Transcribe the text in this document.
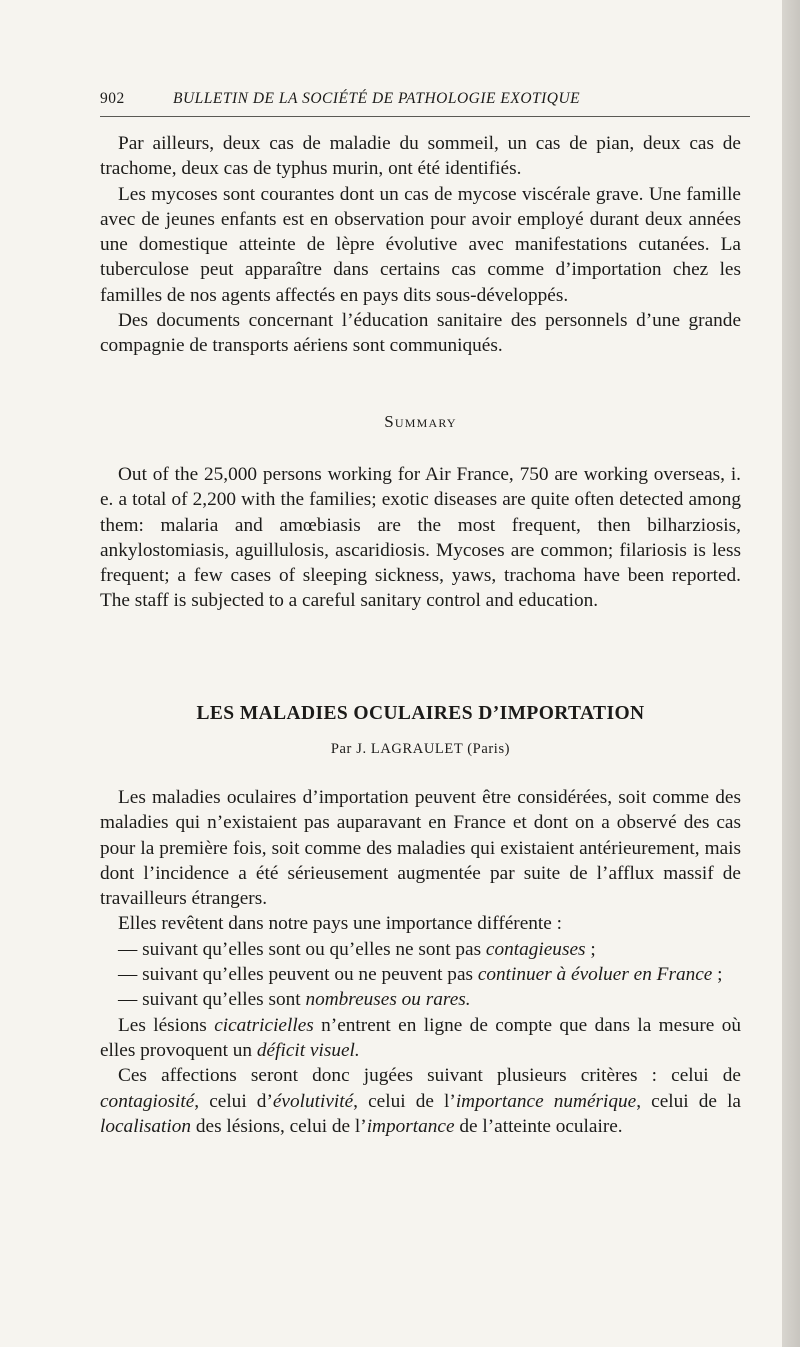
902	BULLETIN DE LA SOCIÉTÉ DE PATHOLOGIE EXOTIQUE

Par ailleurs, deux cas de maladie du sommeil, un cas de pian, deux cas de trachome, deux cas de typhus murin, ont été identifiés.

Les mycoses sont courantes dont un cas de mycose viscérale grave. Une famille avec de jeunes enfants est en observation pour avoir employé durant deux années une domestique atteinte de lèpre évolutive avec manifestations cutanées. La tuberculose peut apparaître dans certains cas comme d’importation chez les familles de nos agents affectés en pays dits sous-développés.

Des documents concernant l’éducation sanitaire des personnels d’une grande compagnie de transports aériens sont communiqués.

Summary

Out of the 25,000 persons working for Air France, 750 are working overseas, i. e. a total of 2,200 with the families; exotic diseases are quite often detected among them: malaria and amœbiasis are the most frequent, then bilharziosis, ankylostomiasis, aguillulosis, ascaridiosis. Mycoses are common; filariosis is less frequent; a few cases of sleeping sickness, yaws, trachoma have been reported. The staff is subjected to a careful sanitary control and education.

LES MALADIES OCULAIRES D’IMPORTATION
Par J. LAGRAULET (Paris)

Les maladies oculaires d’importation peuvent être considérées, soit comme des maladies qui n’existaient pas auparavant en France et dont on a observé des cas pour la première fois, soit comme des maladies qui existaient antérieurement, mais dont l’incidence a été sérieusement augmentée par suite de l’afflux massif de travailleurs étrangers.

Elles revêtent dans notre pays une importance différente :

— suivant qu’elles sont ou qu’elles ne sont pas contagieuses ;

— suivant qu’elles peuvent ou ne peuvent pas continuer à évoluer en France ;

— suivant qu’elles sont nombreuses ou rares.

Les lésions cicatricielles n’entrent en ligne de compte que dans la mesure où elles provoquent un déficit visuel.

Ces affections seront donc jugées suivant plusieurs critères : celui de contagiosité, celui d’évolutivité, celui de l’importance numérique, celui de la localisation des lésions, celui de l’importance de l’atteinte oculaire.
